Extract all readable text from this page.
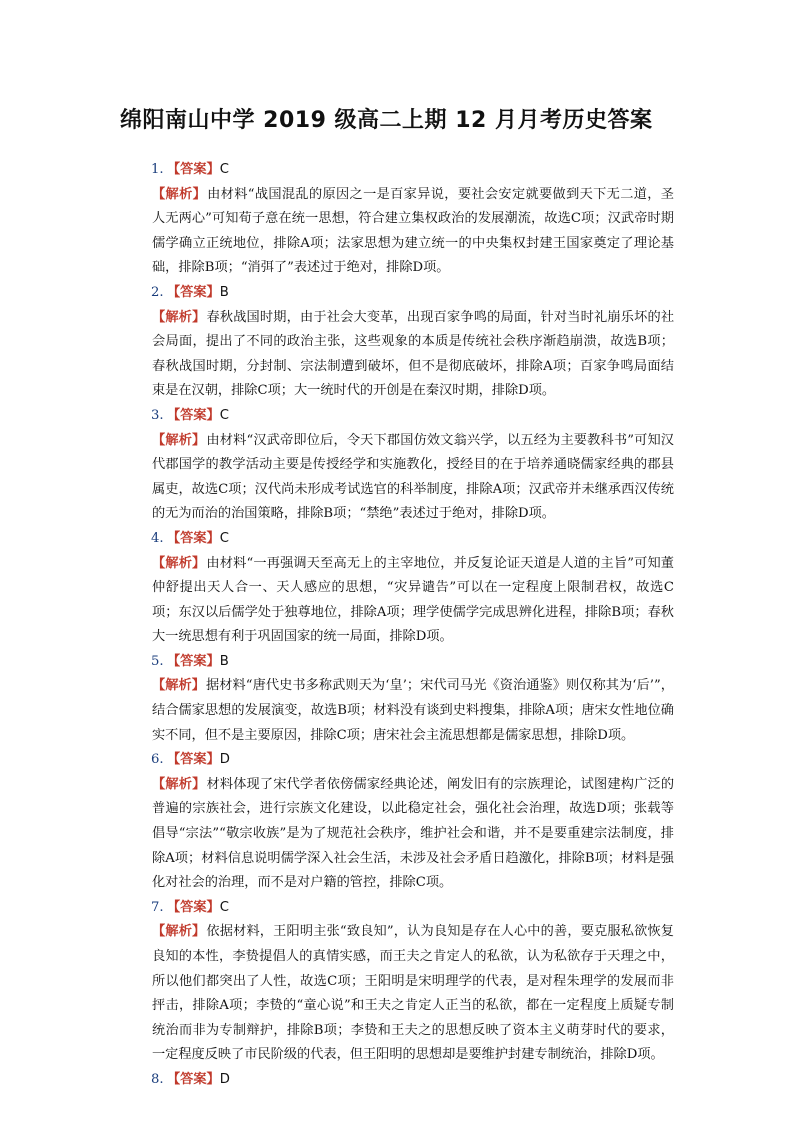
绵阳南山中学 2019 级高二上期 12 月月考历史答案
1. 【答案】C
【解析】由材料“战国混乱的原因之一是百家异说，要社会安定就要做到天下无二道，圣人无两心”可知荀子意在统一思想，符合建立集权政治的发展潮流，故选C项；汉武帝时期儒学确立正统地位，排除A项；法家思想为建立统一的中央集权封建王国家奠定了理论基础，排除B项；“消弭了”表述过于绝对，排除D项。
2. 【答案】B
【解析】春秋战国时期，由于社会大变革，出现百家争鸣的局面，针对当时礼崩乐坏的社会局面，提出了不同的政治主张，这些观象的本质是传统社会秩序渐趋崩溃，故选B项；春秋战国时期，分封制、宗法制遭到破坏，但不是彻底破坏，排除A项；百家争鸣局面结束是在汉朝，排除C项；大一统时代的开创是在秦汉时期，排除D项。
3. 【答案】C
【解析】由材料“汉武帝即位后，令天下郡国仿效文翁兴学，以五经为主要教科书”可知汉代郡国学的教学活动主要是传授经学和实施教化，授经目的在于培养通晓儒家经典的郡县属吏，故选C项；汉代尚未形成考试选官的科举制度，排除A项；汉武帝并未继承西汉传统的无为而治的治国策略，排除B项；“禁绝”表述过于绝对，排除D项。
4. 【答案】C
【解析】由材料“一再强调天至高无上的主宰地位，并反复论证天道是人道的主旨”可知董仲舒提出天人合一、天人感应的思想，“灾异谴告”可以在一定程度上限制君权，故选C项；东汉以后儒学处于独尊地位，排除A项；理学使儒学完成思辨化进程，排除B项；春秋大一统思想有利于巩固国家的统一局面，排除D项。
5. 【答案】B
【解析】据材料“唐代史书多称武则天为‘皇’；宋代司马光《资治通鉴》则仅称其为‘后’”，结合儒家思想的发展演变，故选B项；材料没有谈到史料搜集，排除A项；唐宋女性地位确实不同，但不是主要原因，排除C项；唐宋社会主流思想都是儒家思想，排除D项。
6. 【答案】D
【解析】材料体现了宋代学者依傍儒家经典论述，阐发旧有的宗族理论，试图建构广泛的普遍的宗族社会，进行宗族文化建设，以此稳定社会，强化社会治理，故选D项；张载等倡导“宗法”“敬宗收族”是为了规范社会秩序，维护社会和谐，并不是要重建宗法制度，排除A项；材料信息说明儒学深入社会生活，未涉及社会矛盾日趋激化，排除B项；材料是强化对社会的治理，而不是对户籍的管控，排除C项。
7. 【答案】C
【解析】依据材料，王阳明主张“致良知”，认为良知是存在人心中的善，要克服私欲恢复良知的本性，李贽提倡人的真情实感，而王夫之肯定人的私欲，认为私欲存于天理之中，所以他们都突出了人性，故选C项；王阳明是宋明理学的代表，是对程朱理学的发展而非抨击，排除A项；李贽的“童心说”和王夫之肯定人正当的私欲，都在一定程度上质疑专制统治而非为专制辩护，排除B项；李贽和王夫之的思想反映了资本主义萌芽时代的要求，一定程度反映了市民阶级的代表，但王阳明的思想却是要维护封建专制统治，排除D项。
8. 【答案】D
